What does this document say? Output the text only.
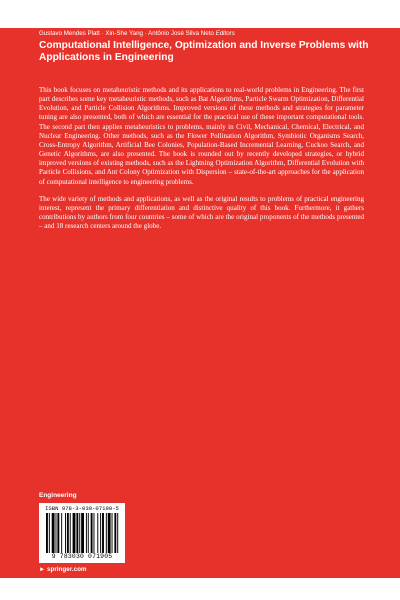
Gustavo Mendes Platt · Xin-She Yang · Antônio José Silva Neto Editors
Computational Intelligence, Optimization and Inverse Problems with Applications in Engineering

This book focuses on metaheuristic methods and its applications to real-world problems in Engineering. The first part describes some key metaheuristic methods, such as Bat Algorithms, Particle Swarm Optimization, Differential Evolution, and Particle Collision Algorithms. Improved versions of these methods and strategies for parameter tuning are also presented, both of which are essential for the practical use of these important computational tools. The second part then applies metaheuristics to problems, mainly in Civil, Mechanical, Chemical, Electrical, and Nuclear Engineering. Other methods, such as the Flower Pollination Algorithm, Symbiotic Organisms Search, Cross-Entropy Algorithm, Artificial Bee Colonies, Population-Based Incremental Learning, Cuckoo Search, and Genetic Algorithms, are also presented. The book is rounded out by recently developed strategies, or hybrid improved versions of existing methods, such as the Lightning Optimization Algorithm, Differential Evolution with Particle Collisions, and Ant Colony Optimization with Dispersion – state-of-the-art approaches for the application of computational intelligence to engineering problems.

The wide variety of methods and applications, as well as the original results to problems of practical engineering interest, represent the primary differentiation and distinctive quality of this book. Furthermore, it gathers contributions by authors from four countries – some of which are the original proponents of the methods presented – and 18 research centers around the globe.

Engineering
ISBN 978-3-030-07190-5
9 783030 071905
► springer.com
